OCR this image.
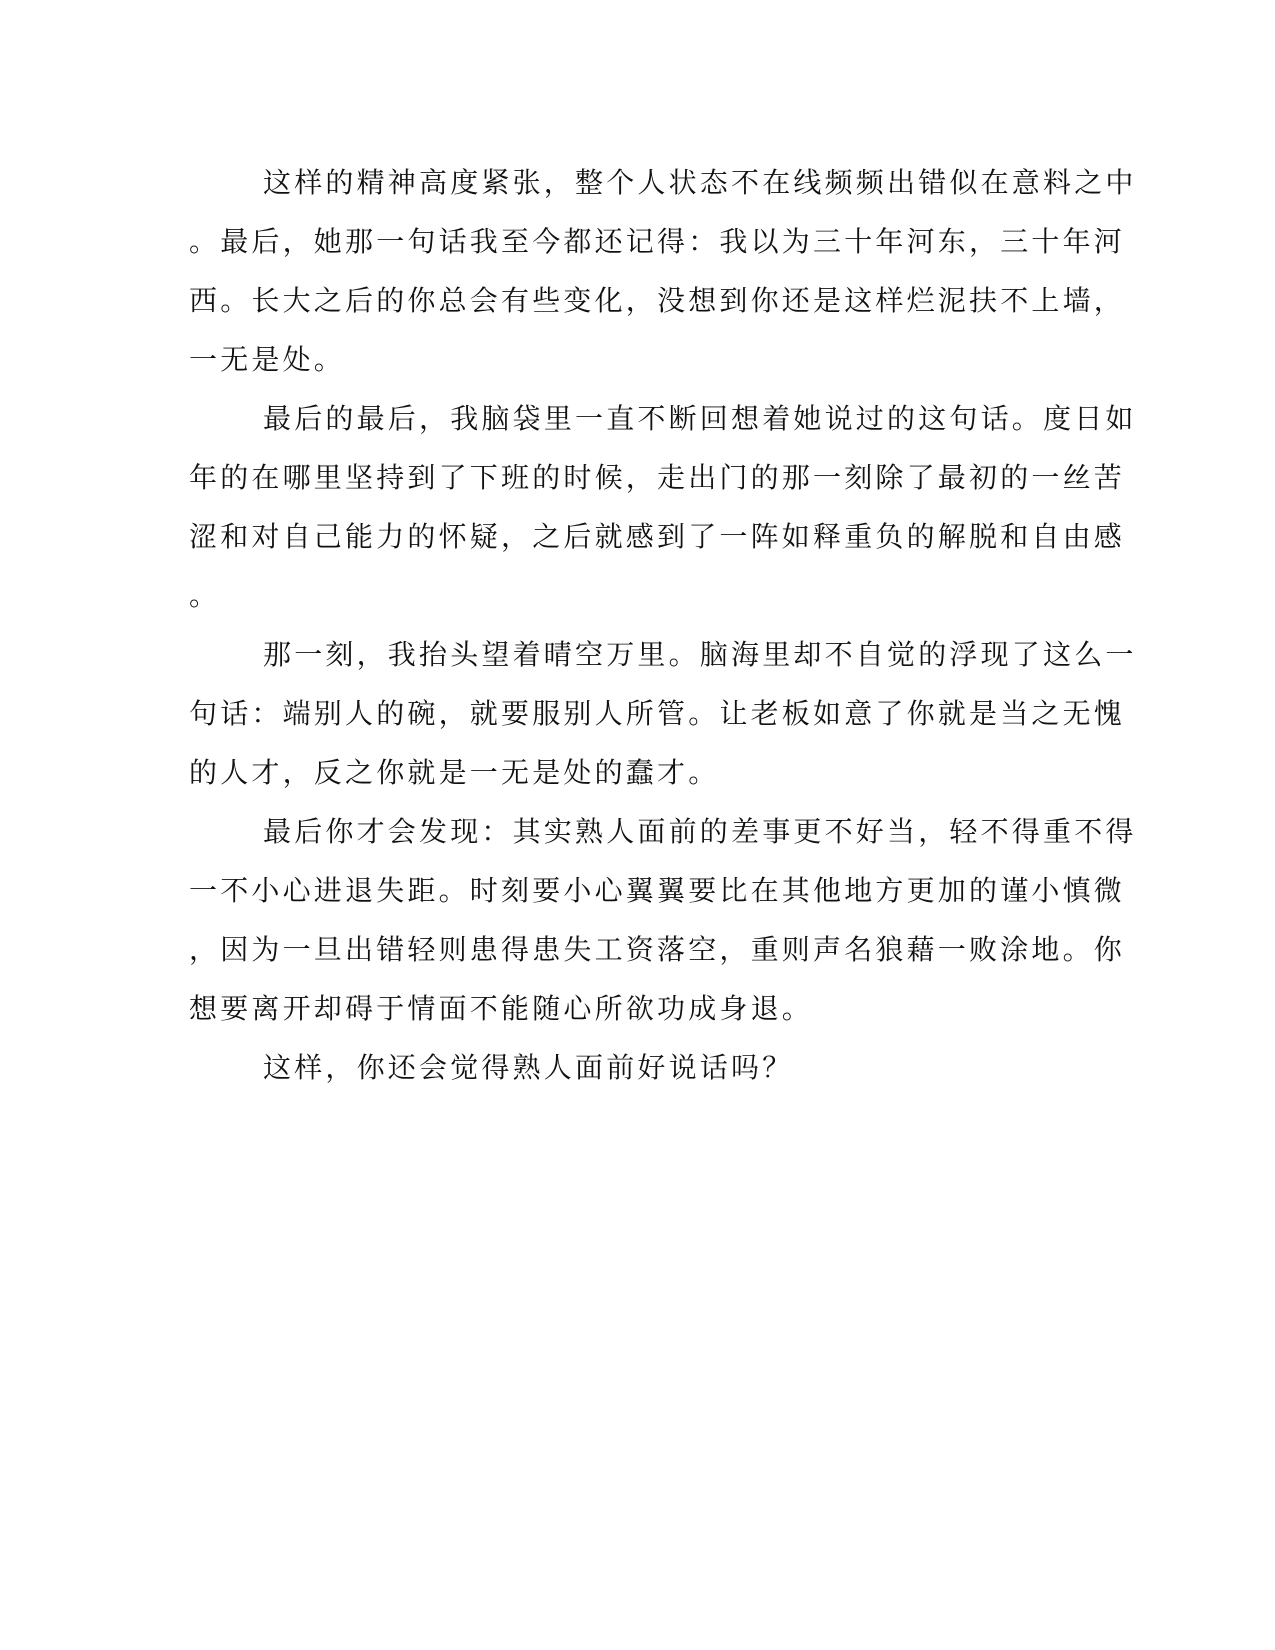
这样的精神高度紧张，整个人状态不在线频频出错似在意料之中
。最后，她那一句话我至今都还记得：我以为三十年河东，三十年河
西。长大之后的你总会有些变化，没想到你还是这样烂泥扶不上墙，
一无是处。
最后的最后，我脑袋里一直不断回想着她说过的这句话。度日如
年的在哪里坚持到了下班的时候，走出门的那一刻除了最初的一丝苦
涩和对自己能力的怀疑，之后就感到了一阵如释重负的解脱和自由感
。
那一刻，我抬头望着晴空万里。脑海里却不自觉的浮现了这么一
句话：端别人的碗，就要服别人所管。让老板如意了你就是当之无愧
的人才，反之你就是一无是处的蠢才。
最后你才会发现：其实熟人面前的差事更不好当，轻不得重不得
一不小心进退失距。时刻要小心翼翼要比在其他地方更加的谨小慎微
，因为一旦出错轻则患得患失工资落空，重则声名狼藉一败涂地。你
想要离开却碍于情面不能随心所欲功成身退。
这样，你还会觉得熟人面前好说话吗？
